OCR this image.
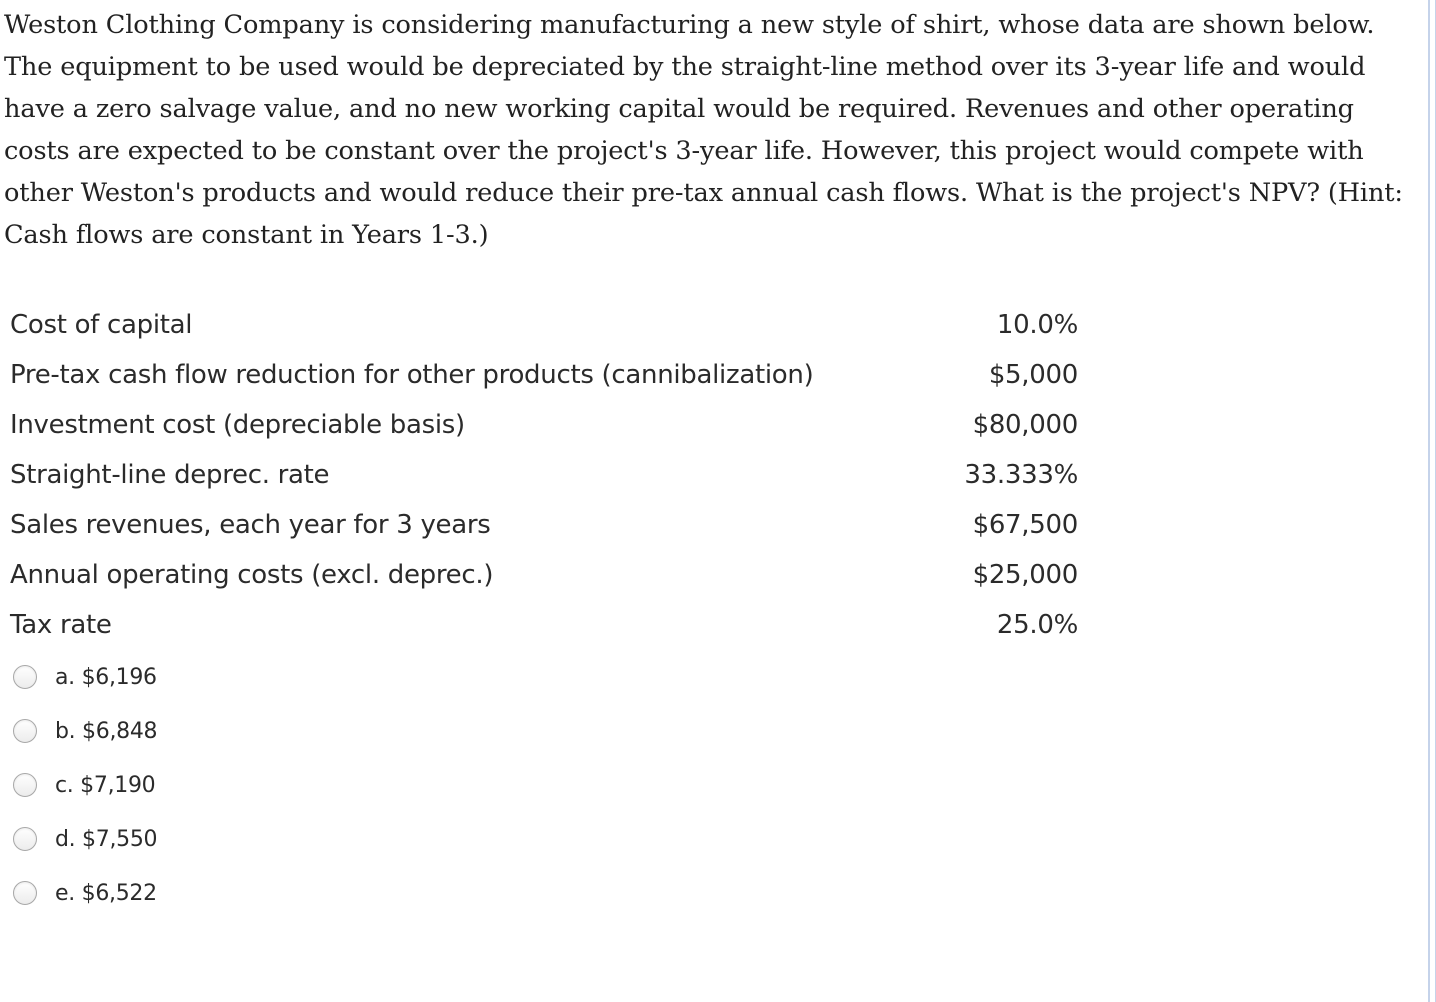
Weston Clothing Company is considering manufacturing a new style of shirt, whose data are shown below. The equipment to be used would be depreciated by the straight-line method over its 3-year life and would have a zero salvage value, and no new working capital would be required. Revenues and other operating costs are expected to be constant over the project's 3-year life. However, this project would compete with other Weston's products and would reduce their pre-tax annual cash flows. What is the project's NPV? (Hint: Cash flows are constant in Years 1-3.)

Cost of capital	10.0%
Pre-tax cash flow reduction for other products (cannibalization)	$5,000
Investment cost (depreciable basis)	$80,000
Straight-line deprec. rate	33.333%
Sales revenues, each year for 3 years	$67,500
Annual operating costs (excl. deprec.)	$25,000
Tax rate	25.0%
a. $6,196
b. $6,848
c. $7,190
d. $7,550
e. $6,522
